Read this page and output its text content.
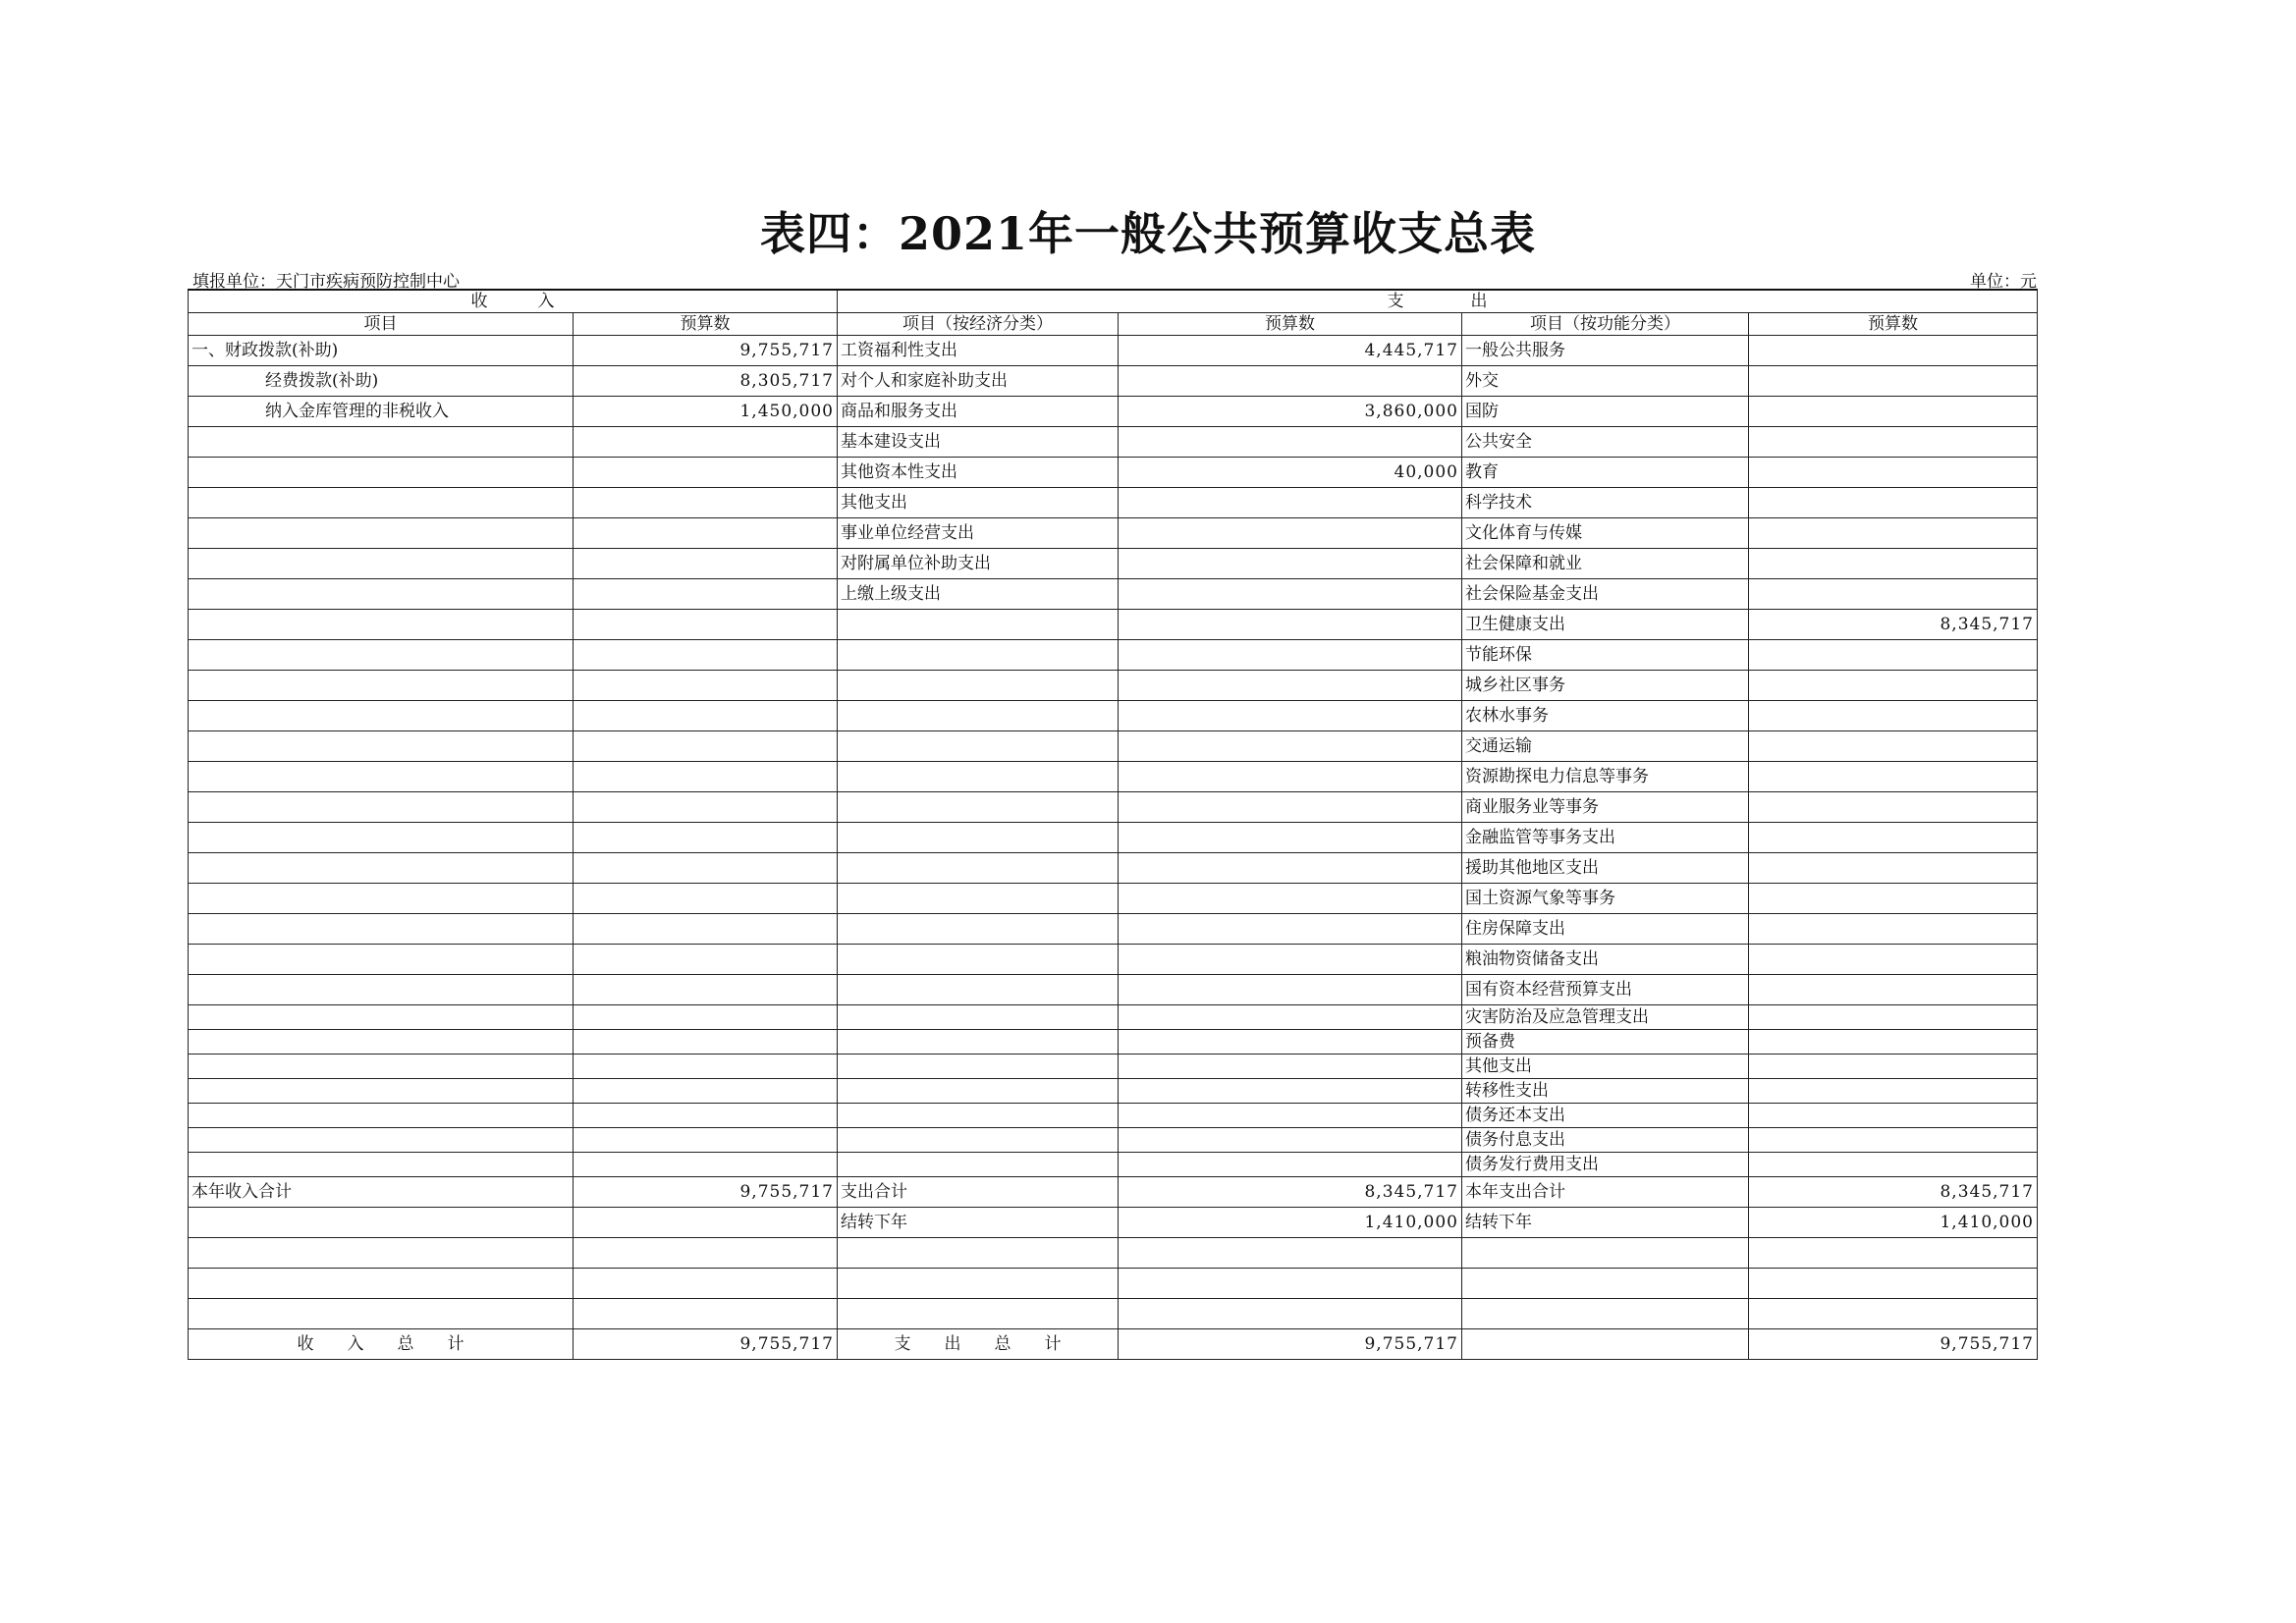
表四：2021年一般公共预算收支总表
填报单位：天门市疾病预防控制中心	单位：元
收　　　入		支　　　　出			
项目	预算数	项目（按经济分类）	预算数	项目（按功能分类）	预算数
一、财政拨款(补助)	9,755,717	工资福利性支出	4,445,717	一般公共服务	
经费拨款(补助)	8,305,717	对个人和家庭补助支出		外交	
纳入金库管理的非税收入	1,450,000	商品和服务支出	3,860,000	国防	
		基本建设支出		公共安全	
		其他资本性支出	40,000	教育	
		其他支出		科学技术	
		事业单位经营支出		文化体育与传媒	
		对附属单位补助支出		社会保障和就业	
		上缴上级支出		社会保险基金支出	
				卫生健康支出	8,345,717
				节能环保	
				城乡社区事务	
				农林水事务	
				交通运输	
				资源勘探电力信息等事务	
				商业服务业等事务	
				金融监管等事务支出	
				援助其他地区支出	
				国土资源气象等事务	
				住房保障支出	
				粮油物资储备支出	
				国有资本经营预算支出	
				灾害防治及应急管理支出	
				预备费	
				其他支出	
				转移性支出	
				债务还本支出	
				债务付息支出	
				债务发行费用支出	
本年收入合计	9,755,717	支出合计	8,345,717	本年支出合计	8,345,717
		结转下年	1,410,000	结转下年	1,410,000

收　　入　　总　　计	9,755,717	支　　出　　总　　计	9,755,717		9,755,717
